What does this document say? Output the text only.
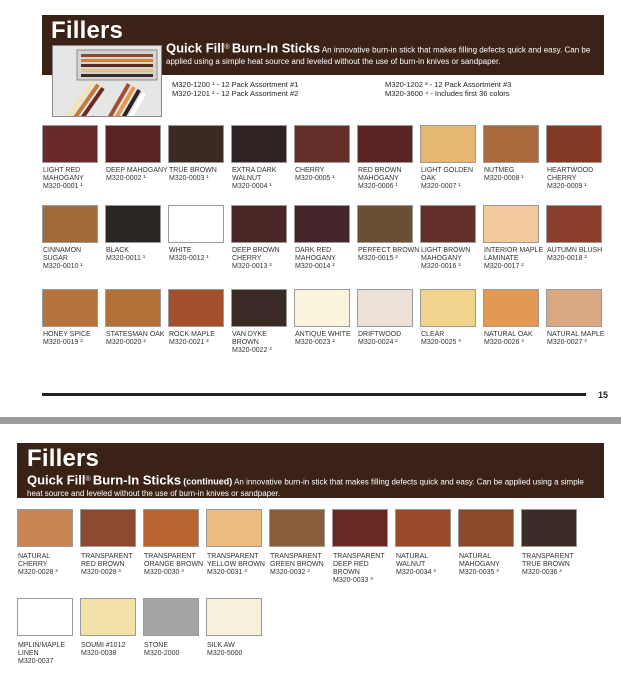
Fillers
Quick Fill® Burn-In Sticks An innovative burn-in stick that makes filling defects quick and easy. Can be applied using a simple heat source and leveled without the use of burn-in knives or sandpaper.
M320-1200 ¹ - 12 Pack Assortment #1
M320-1201 ² - 12 Pack Assortment #2
M320-1202 ³ - 12 Pack Assortment #3
M320-3600 ⁴ - Includes first 36 colors
LIGHT RED MAHOGANY
M320-0001 ¹
DEEP MAHOGANY
M320-0002 ¹
TRUE BROWN
M320-0003 ¹
EXTRA DARK WALNUT
M320-0004 ¹
CHERRY
M320-0005 ¹
RED BROWN MAHOGANY
M320-0006 ¹
LIGHT GOLDEN OAK
M320-0007 ¹
NUTMEG
M320-0008 ¹
HEARTWOOD CHERRY
M320-0009 ¹
CINNAMON SUGAR
M320-0010 ¹
BLACK
M320-0011 ¹
WHITE
M320-0012 ¹
DEEP BROWN CHERRY
M320-0013 ²
DARK RED MAHOGANY
M320-0014 ²
PERFECT BROWN
M320-0015 ²
LIGHT BROWN MAHOGANY
M320-0016 ²
INTERIOR MAPLE LAMINATE
M320-0017 ²
AUTUMN BLUSH
M320-0018 ²
HONEY SPICE
M320-0019 ²
STATESMAN OAK
M320-0020 ²
ROCK MAPLE
M320-0021 ²
VAN DYKE BROWN
M320-0022 ²
ANTIQUE WHITE
M320-0023 ²
DRIFTWOOD
M320-0024 ²
CLEAR
M320-0025 ³
NATURAL OAK
M320-0026 ³
NATURAL MAPLE
M320-0027 ³
15
Fillers
Quick Fill® Burn-In Sticks (continued) An innovative burn-in stick that makes filling defects quick and easy. Can be applied using a simple heat source and leveled without the use of burn-in knives or sandpaper.
NATURAL CHERRY
M320-0028 ³
TRANSPARENT RED BROWN
M320-0029 ³
TRANSPARENT ORANGE BROWN
M320-0030 ³
TRANSPARENT YELLOW BROWN
M320-0031 ³
TRANSPARENT GREEN BROWN
M320-0032 ³
TRANSPARENT DEEP RED BROWN
M320-0033 ³
NATURAL WALNUT
M320-0034 ³
NATURAL MAHOGANY
M320-0035 ³
TRANSPARENT TRUE BROWN
M320-0036 ³
MPLIN/MAPLE LINEN
M320-0037
SOUMI #1012
M320-0038
STONE
M320-2000
SILK AW
M320-5000
